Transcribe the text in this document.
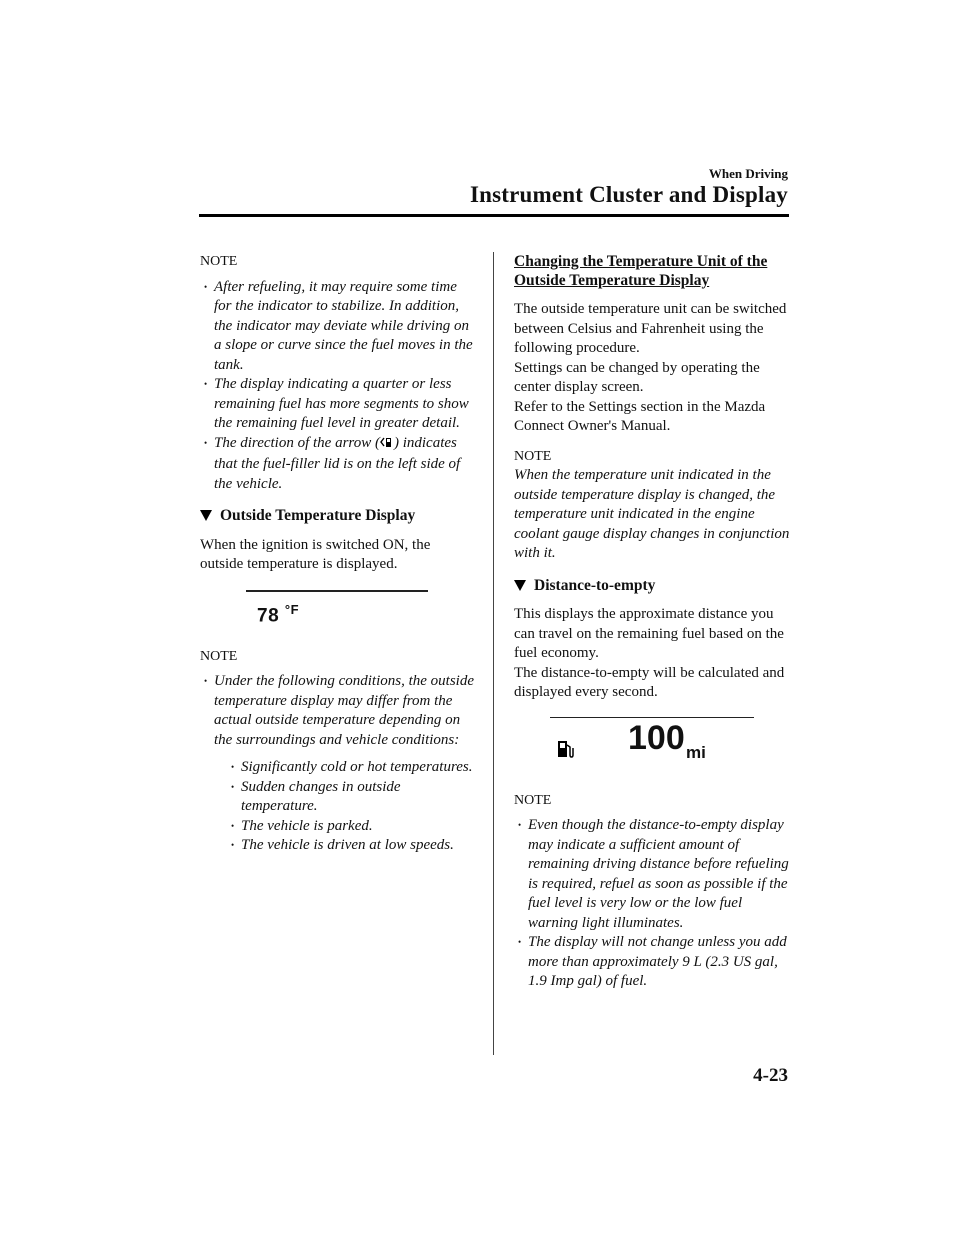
When Driving
Instrument Cluster and Display

NOTE

• After refueling, it may require some time for the indicator to stabilize. In addition, the indicator may deviate while driving on a slope or curve since the fuel moves in the tank.
• The display indicating a quarter or less remaining fuel has more segments to show the remaining fuel level in greater detail.
• The direction of the arrow ( ) indicates that the fuel-filler lid is on the left side of the vehicle.
Outside Temperature Display

When the ignition is switched ON, the outside temperature is displayed.

78 $^{^\circ F}$

NOTE

• Under the following conditions, the outside temperature display may differ from the actual outside temperature depending on the surroundings and vehicle conditions:
• Significantly cold or hot temperatures.
• Sudden changes in outside temperature.
• The vehicle is parked.
• The vehicle is driven at low speeds.

Changing the Temperature Unit of the Outside Temperature Display

The outside temperature unit can be switched between Celsius and Fahrenheit using the following procedure.

Settings can be changed by operating the center display screen.

Refer to the Settings section in the Mazda Connect Owner's Manual.

NOTE

When the temperature unit indicated in the outside temperature display is changed, the temperature unit indicated in the engine coolant gauge display changes in conjunction with it.

Distance-to-empty

This displays the approximate distance you can travel on the remaining fuel based on the fuel economy.

The distance-to-empty will be calculated and displayed every second.

100 mi

NOTE

• Even though the distance-to-empty display may indicate a sufficient amount of remaining driving distance before refueling is required, refuel as soon as possible if the fuel level is very low or the low fuel warning light illuminates.
• The display will not change unless you add more than approximately 9 L (2.3 US gal, 1.9 Imp gal) of fuel.
4-23
